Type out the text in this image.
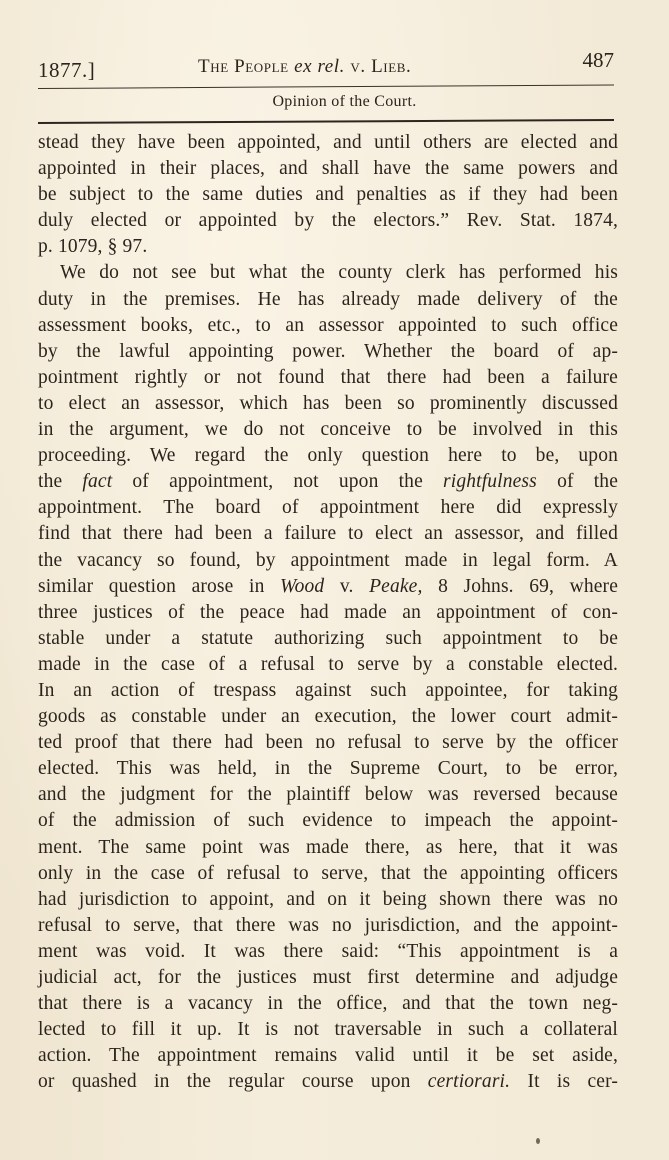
1877.]	The People ex rel. v. Lieb.	487
Opinion of the Court.
stead they have been appointed, and until others are elected and
appointed in their places, and shall have the same powers and
be subject to the same duties and penalties as if they had been
duly elected or appointed by the electors.” Rev. Stat. 1874,
p. 1079, § 97.
We do not see but what the county clerk has performed his
duty in the premises. He has already made delivery of the
assessment books, etc., to an assessor appointed to such office
by the lawful appointing power. Whether the board of ap-
pointment rightly or not found that there had been a failure
to elect an assessor, which has been so prominently discussed
in the argument, we do not conceive to be involved in this
proceeding. We regard the only question here to be, upon
the fact of appointment, not upon the rightfulness of the
appointment. The board of appointment here did expressly
find that there had been a failure to elect an assessor, and filled
the vacancy so found, by appointment made in legal form. A
similar question arose in Wood v. Peake, 8 Johns. 69, where
three justices of the peace had made an appointment of con-
stable under a statute authorizing such appointment to be
made in the case of a refusal to serve by a constable elected.
In an action of trespass against such appointee, for taking
goods as constable under an execution, the lower court admit-
ted proof that there had been no refusal to serve by the officer
elected. This was held, in the Supreme Court, to be error,
and the judgment for the plaintiff below was reversed because
of the admission of such evidence to impeach the appoint-
ment. The same point was made there, as here, that it was
only in the case of refusal to serve, that the appointing officers
had jurisdiction to appoint, and on it being shown there was no
refusal to serve, that there was no jurisdiction, and the appoint-
ment was void. It was there said: “This appointment is a
judicial act, for the justices must first determine and adjudge
that there is a vacancy in the office, and that the town neg-
lected to fill it up. It is not traversable in such a collateral
action. The appointment remains valid until it be set aside,
or quashed in the regular course upon certiorari. It is cer-
